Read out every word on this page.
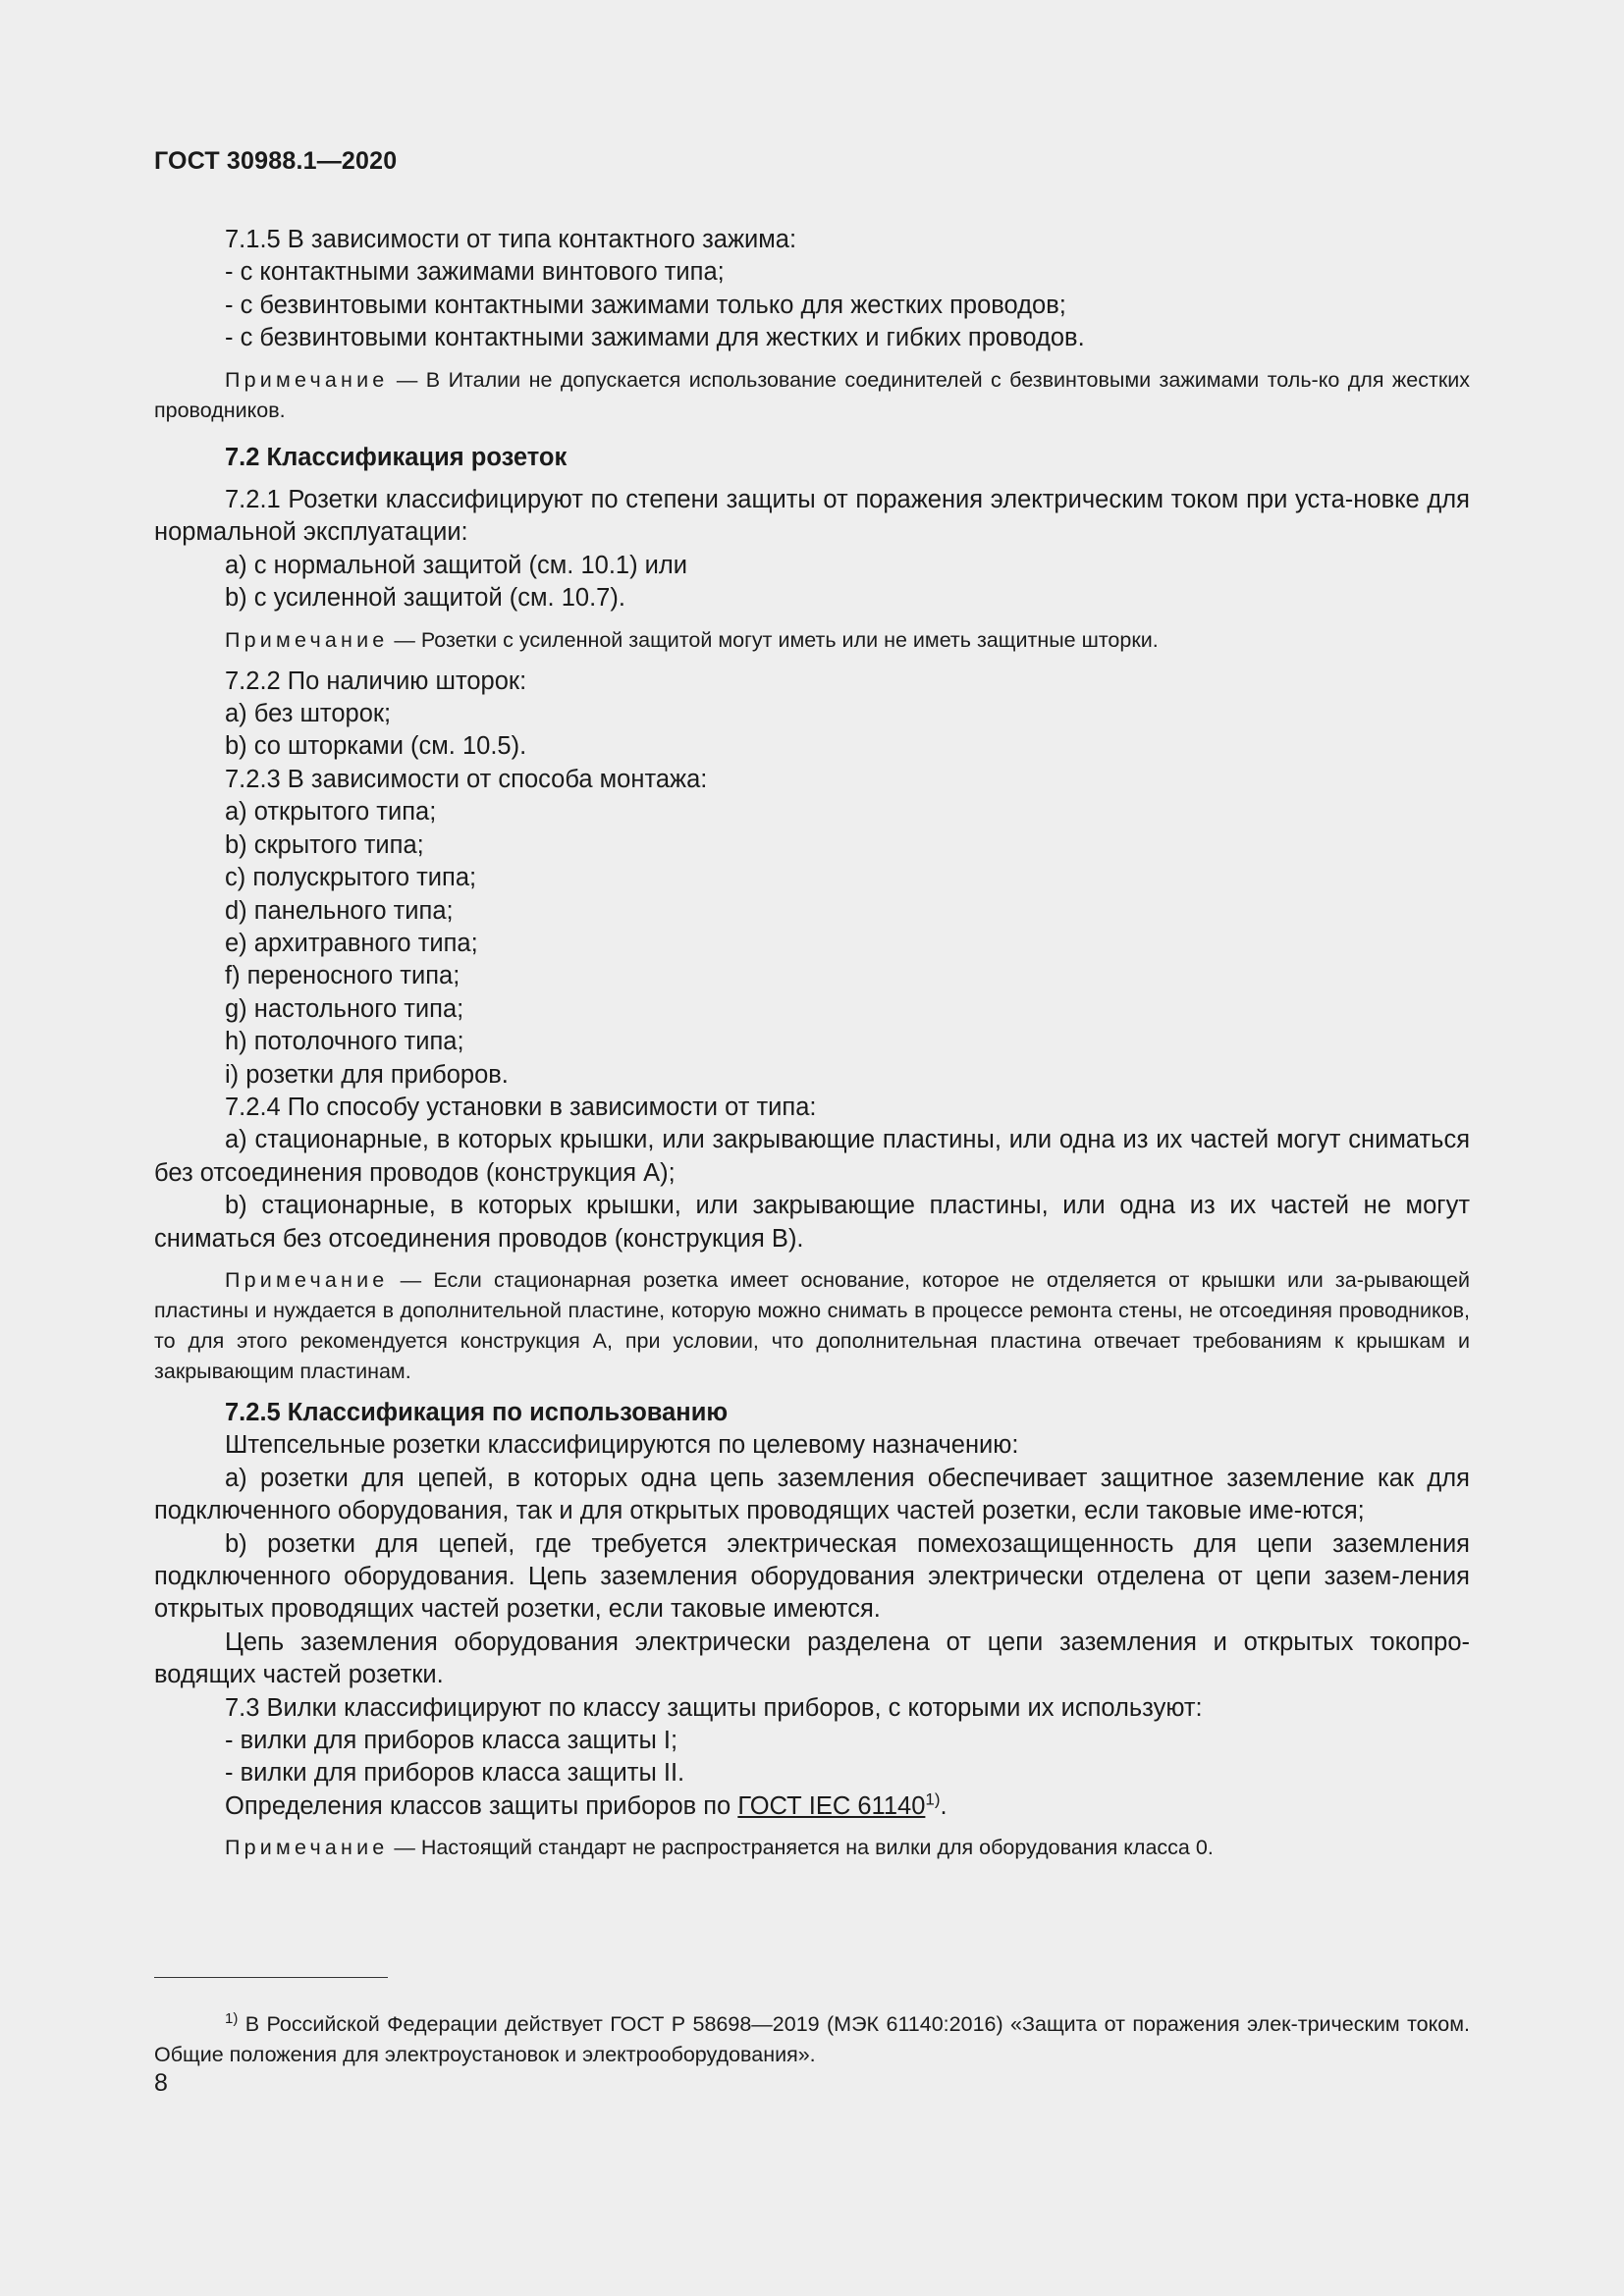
ГОСТ 30988.1—2020

7.1.5 В зависимости от типа контактного зажима:

- с контактными зажимами винтового типа;

- с безвинтовыми контактными зажимами только для жестких проводов;

- с безвинтовыми контактными зажимами для жестких и гибких проводов.

Примечание — В Италии не допускается использование соединителей с безвинтовыми зажимами толь-ко для жестких проводников.

7.2 Классификация розеток

7.2.1 Розетки классифицируют по степени защиты от поражения электрическим током при уста-новке для нормальной эксплуатации:

a) с нормальной защитой (см. 10.1) или

b) с усиленной защитой (см. 10.7).

Примечание — Розетки с усиленной защитой могут иметь или не иметь защитные шторки.

7.2.2 По наличию шторок:

a) без шторок;

b) со шторками (см. 10.5).

7.2.3 В зависимости от способа монтажа:

a) открытого типа;

b) скрытого типа;

c) полускрытого типа;

d) панельного типа;

e) архитравного типа;

f) переносного типа;

g) настольного типа;

h) потолочного типа;

i) розетки для приборов.

7.2.4 По способу установки в зависимости от типа:

a) стационарные, в которых крышки, или закрывающие пластины, или одна из их частей могут сниматься без отсоединения проводов (конструкция А);

b) стационарные, в которых крышки, или закрывающие пластины, или одна из их частей не могут сниматься без отсоединения проводов (конструкция В).

Примечание — Если стационарная розетка имеет основание, которое не отделяется от крышки или за-рывающей пластины и нуждается в дополнительной пластине, которую можно снимать в процессе ремонта стены, не отсоединяя проводников, то для этого рекомендуется конструкция А, при условии, что дополнительная пластина отвечает требованиям к крышкам и закрывающим пластинам.

7.2.5 Классификация по использованию

Штепсельные розетки классифицируются по целевому назначению:

a) розетки для цепей, в которых одна цепь заземления обеспечивает защитное заземление как для подключенного оборудования, так и для открытых проводящих частей розетки, если таковые име-ются;

b) розетки для цепей, где требуется электрическая помехозащищенность для цепи заземления подключенного оборудования. Цепь заземления оборудования электрически отделена от цепи зазем-ления открытых проводящих частей розетки, если таковые имеются.

Цепь заземления оборудования электрически разделена от цепи заземления и открытых токопро-водящих частей розетки.

7.3 Вилки классифицируют по классу защиты приборов, с которыми их используют:

- вилки для приборов класса защиты I;

- вилки для приборов класса защиты II.

Определения классов защиты приборов по ГОСТ IEC 61140$^{1)}$.

Примечание — Настоящий стандарт не распространяется на вилки для оборудования класса 0.

$^{1)}$ В Российской Федерации действует ГОСТ Р 58698—2019 (МЭК 61140:2016) «Защита от поражения элек-трическим током. Общие положения для электроустановок и электрооборудования».

8
